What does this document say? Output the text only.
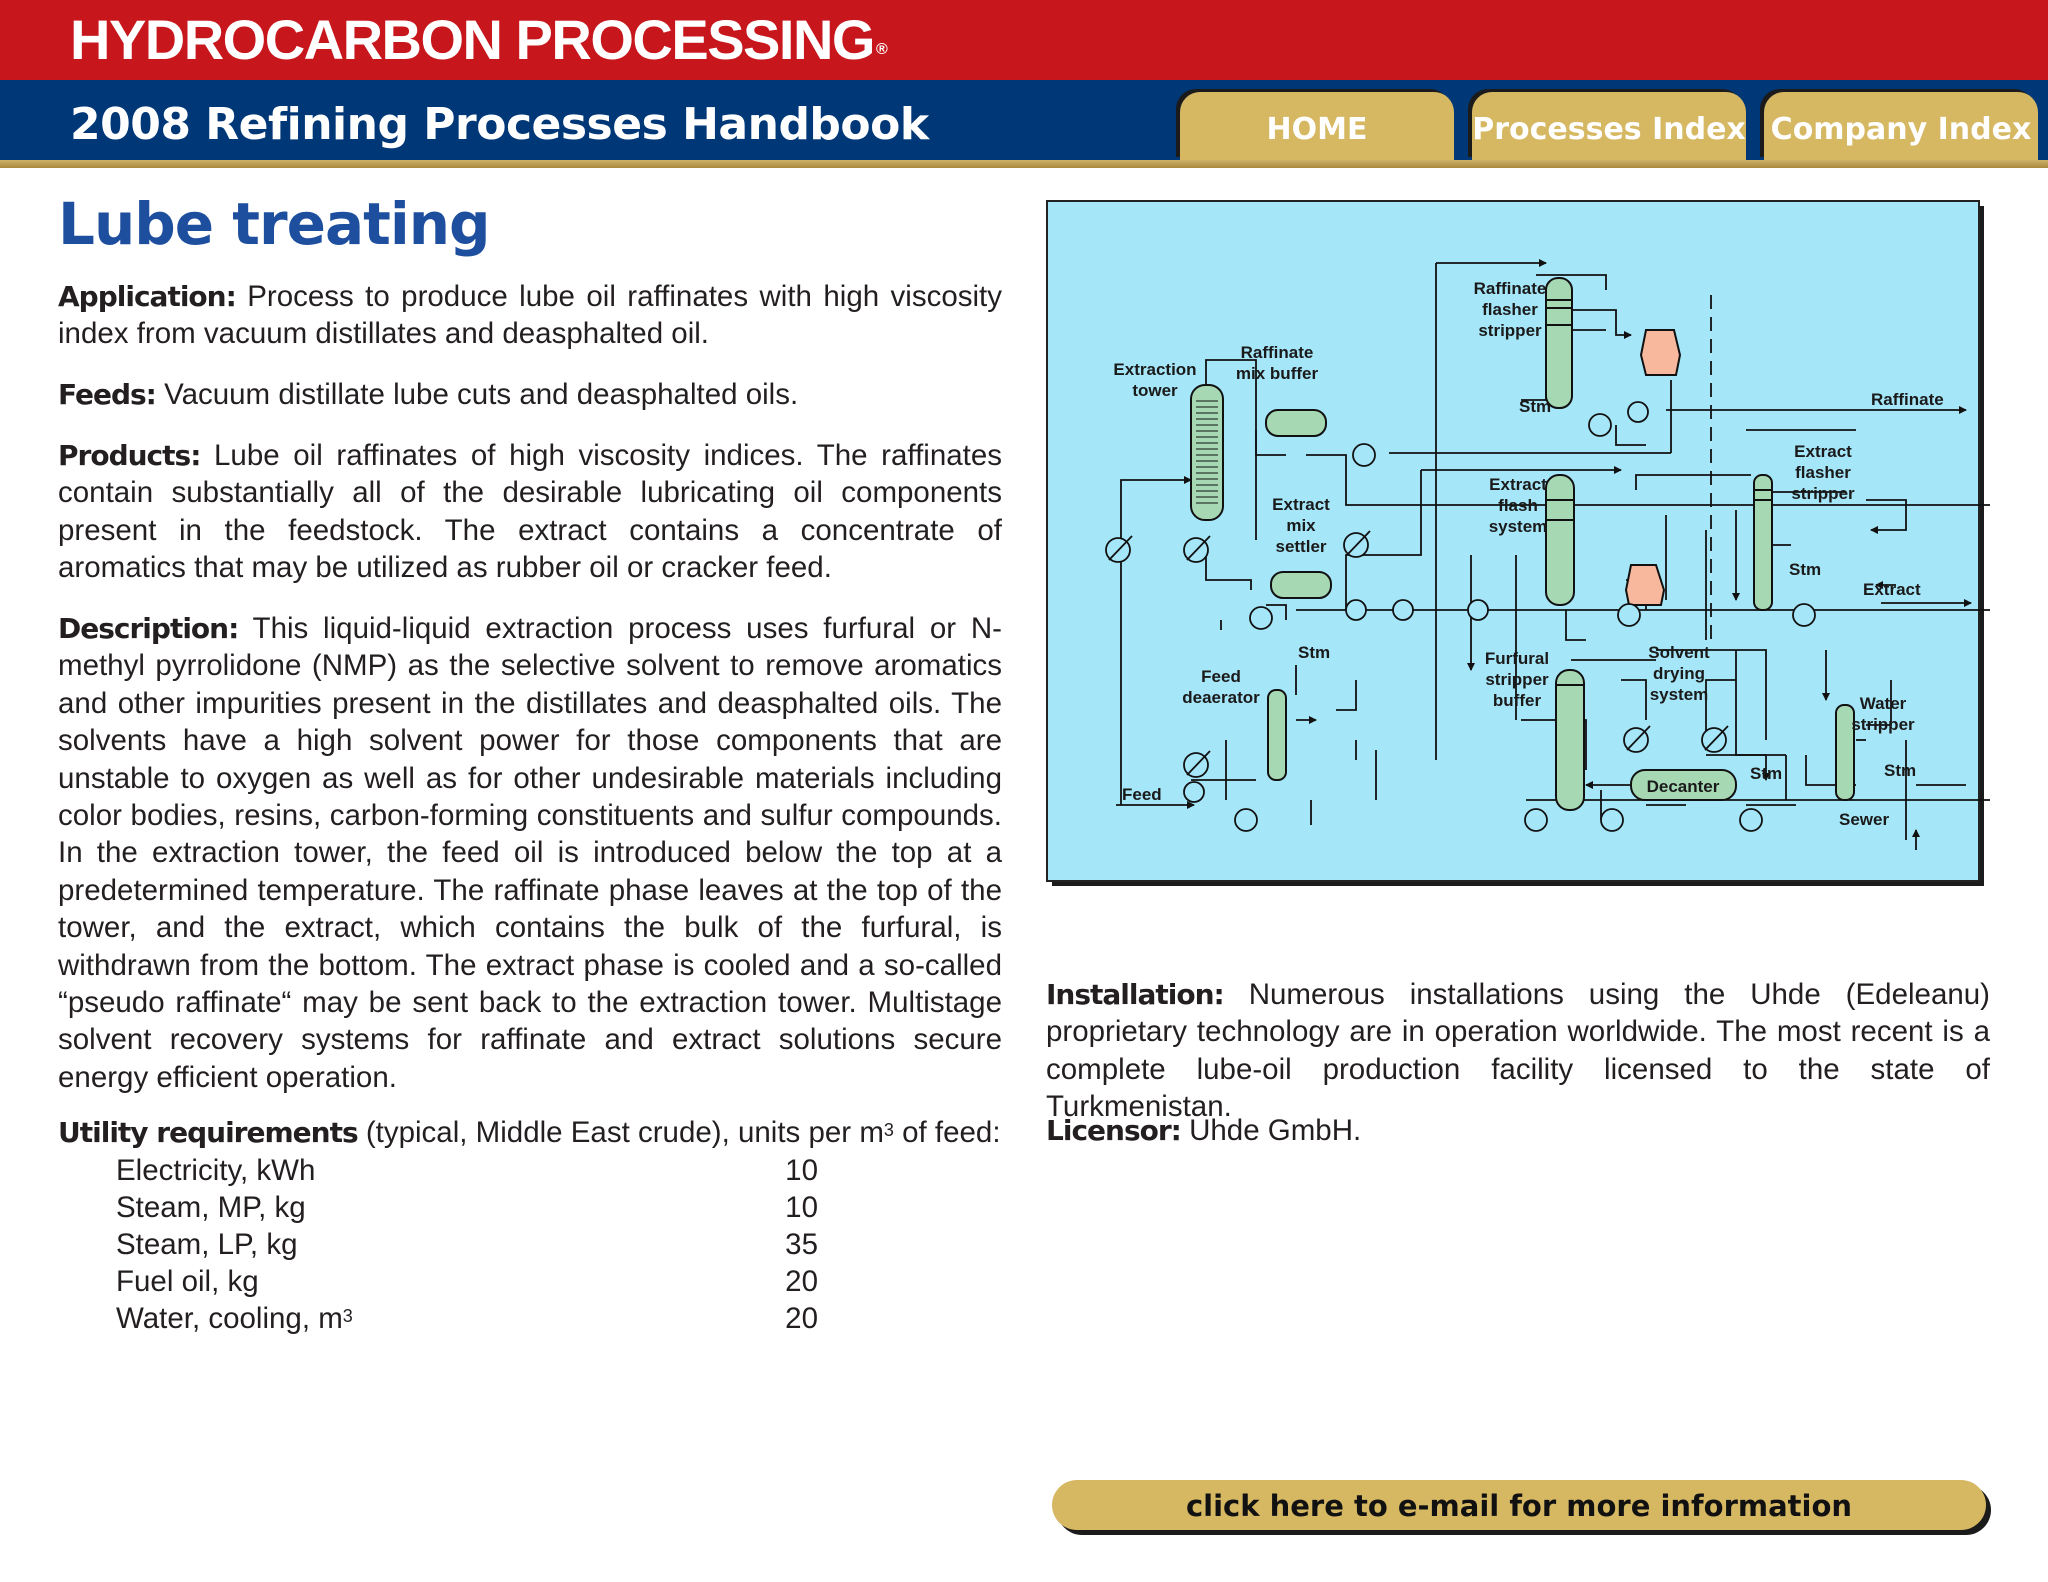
HYDROCARBON PROCESSING ®
2008 Refining Processes Handbook	HOME	Processes Index Company Index
Lube treating
Application: Process to produce lube oil raffinates with high viscosity index from vacuum distillates and deasphalted oil.
Feeds: Vacuum distillate lube cuts and deasphalted oils.
Products: Lube oil raffinates of high viscosity indices. The raffinates contain substantially all of the desirable lubricating oil components present in the feedstock. The extract contains a concentrate of aromatics that may be utilized as rubber oil or cracker feed.
Description: This liquid-liquid extraction process uses furfural or N-methyl pyrrolidone (NMP) as the selective solvent to remove aromatics and other impurities present in the distillates and deasphalted oils. The solvents have a high solvent power for those components that are unstable to oxygen as well as for other undesirable materials including color bodies, resins, carbon-forming constituents and sulfur compounds. In the extraction tower, the feed oil is introduced below the top at a predetermined temperature. The raffinate phase leaves at the top of the tower, and the extract, which contains the bulk of the furfural, is withdrawn from the bottom. The extract phase is cooled and a so-called “pseudo raffinate“ may be sent back to the extraction tower. Multistage solvent recovery systems for raffinate and extract solutions secure energy efficient operation.
Utility requirements (typical, Middle East crude), units per $m^3$ of feed:
Electricity, kWh	10
Steam, MP, kg	10
Steam, LP, kg	35
Fuel oil, kg	20
Water, cooling, $m^3$	20
Raffinate flasher stripper
Extraction tower
Raffinate mix buffer
Extract mix settler
Extract flash system
Extract flasher stripper
Feed deaerator
Furfural stripper buffer
Solvent drying system	Water stripper
Decanter
Raffinate
Extract
Feed
Sewer
Stm
Stm
Stm
Stm	Stm
Installation: Numerous installations using the Uhde (Edeleanu) proprietary technology are in operation worldwide. The most recent is a complete lube-oil production facility licensed to the state of Turkmenistan.
Licensor: Uhde GmbH.
click here to e-mail for more information
